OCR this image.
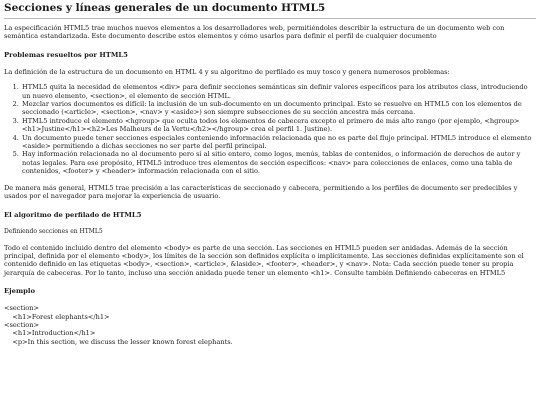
Secciones y líneas generales de un documento HTML5

La especificación HTML5 trae muchos nuevos elementos a los desarrolladores web, permitiéndoles describir la estructura de un documento web con semántica estandarizada. Este documento describe estos elementos y cómo usarlos para definir el perfil de cualquier documento

Problemas resueltos por HTML5

La definición de la estructura de un documento en HTML 4 y su algoritmo de perfilado es muy tosco y genera numerosos problemas:

1. HTML5 quita la necesidad de elementos <div> para definir secciones semánticas sin definir valores específicos para los atributos class, introduciendo un nuevo elemento, <section>, el elemento de sección HTML.
2. Mezclar varios documentos es difícil: la inclusión de un sub-documento en un documento principal. Esto se resuelve en HTML5 con los elementos de seccionado (<article>, <section>, <nav> y <aside>) son siempre subsecciones de su sección ancestra más cercana.
3. HTML5 introduce el elemento <hgroup> que oculta todos los elementos de cabecera excepto el primero de más alto rango (por ejemplo, <hgroup><h1>Justine</h1><h2>Les Malheurs de la Vertu</h2></hgroup> crea el perfil 1. Justine).
4. Un documento puede tener secciones especiales conteniendo información relacionada que no es parte del flujo principal. HTML5 introduce el elemento <aside> permitiendo a dichas secciones no ser parte del perfil principal.
5. Hay información relacionada no al documento pero sí al sitio entero, como logos, menús, tablas de contenidos, o información de derechos de autor y notas legales. Para ese propósito, HTML5 introduce tres elementos de sección específicos: <nav> para colecciones de enlaces, como una tabla de contenidos, <footer> y <header> información relacionada con el sitio.

De manera más general, HTML5 trae precisión a las características de seccionado y cabecera, permitiendo a los perfiles de documento ser predecibles y usados por el navegador para mejorar la experiencia de usuario.

El algoritmo de perfilado de HTML5
Definiendo secciones en HTML5

Todo el contenido incluido dentro del elemento <body> es parte de una sección. Las secciones en HTML5 pueden ser anidadas. Además de la sección principal, definida por el elemento <body>, los límites de la sección son definidos explícita o implícitamente. Las secciones definidas explícitamente son el contenido definido en las etiquetas <body>, <section>, <article>, &laside>, <footer>, <header>, y <nav>. Nota: Cada sección puede tener su propia jerarquía de cabeceras. Por lo tanto, incluso una sección anidada puede tener un elemento <h1>. Consulte también Definiendo cabeceras en HTML5

Ejemplo
<section>
<h1>Forest elephants</h1>
<section>
<h1>Introduction</h1>
<p>In this section, we discuss the lesser known forest elephants.
